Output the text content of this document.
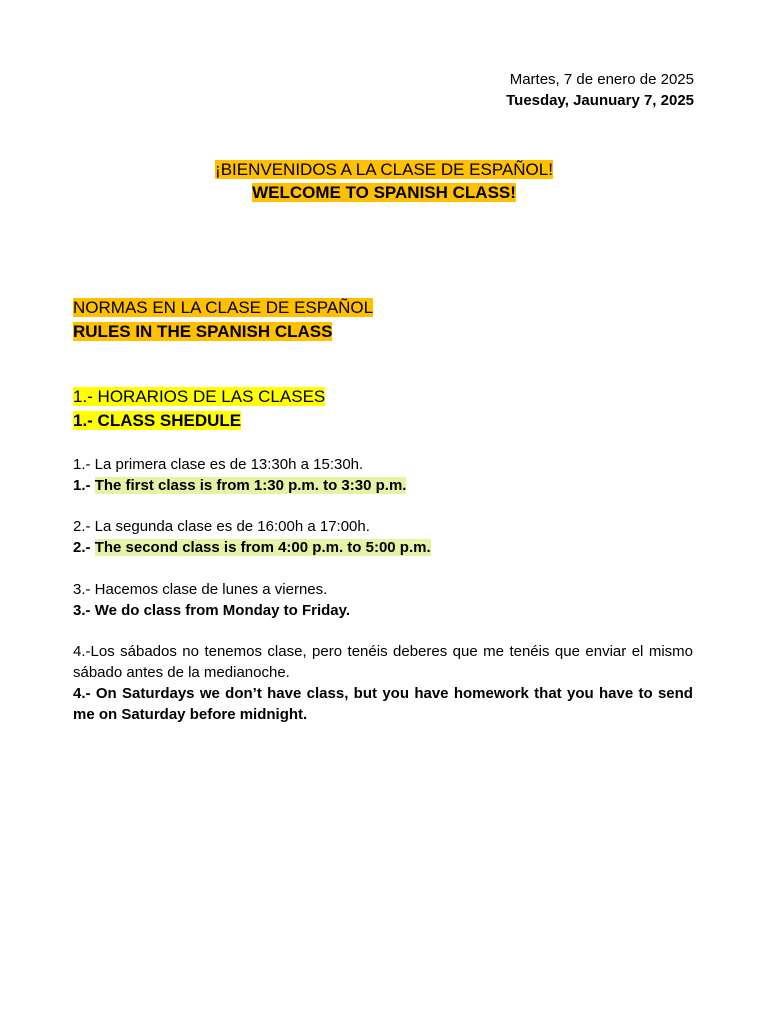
Martes, 7 de enero de 2025
Tuesday, Jaunuary 7, 2025
¡BIENVENIDOS A LA CLASE DE ESPAÑOL!
WELCOME TO SPANISH CLASS!
NORMAS EN LA CLASE DE ESPAÑOL
RULES IN THE SPANISH CLASS
1.- HORARIOS DE LAS CLASES
1.- CLASS SHEDULE
1.- La primera clase es de 13:30h a 15:30h.
1.- The first class is from 1:30 p.m. to 3:30 p.m.
2.- La segunda clase es de 16:00h a 17:00h.
2.- The second class is from 4:00 p.m. to 5:00 p.m.
3.- Hacemos clase de lunes a viernes.
3.- We do class from Monday to Friday.
4.-Los sábados no tenemos clase, pero tenéis deberes que me tenéis que enviar el mismo sábado antes de la medianoche.
4.- On Saturdays we don’t have class, but you have homework that you have to send me on Saturday before midnight.
